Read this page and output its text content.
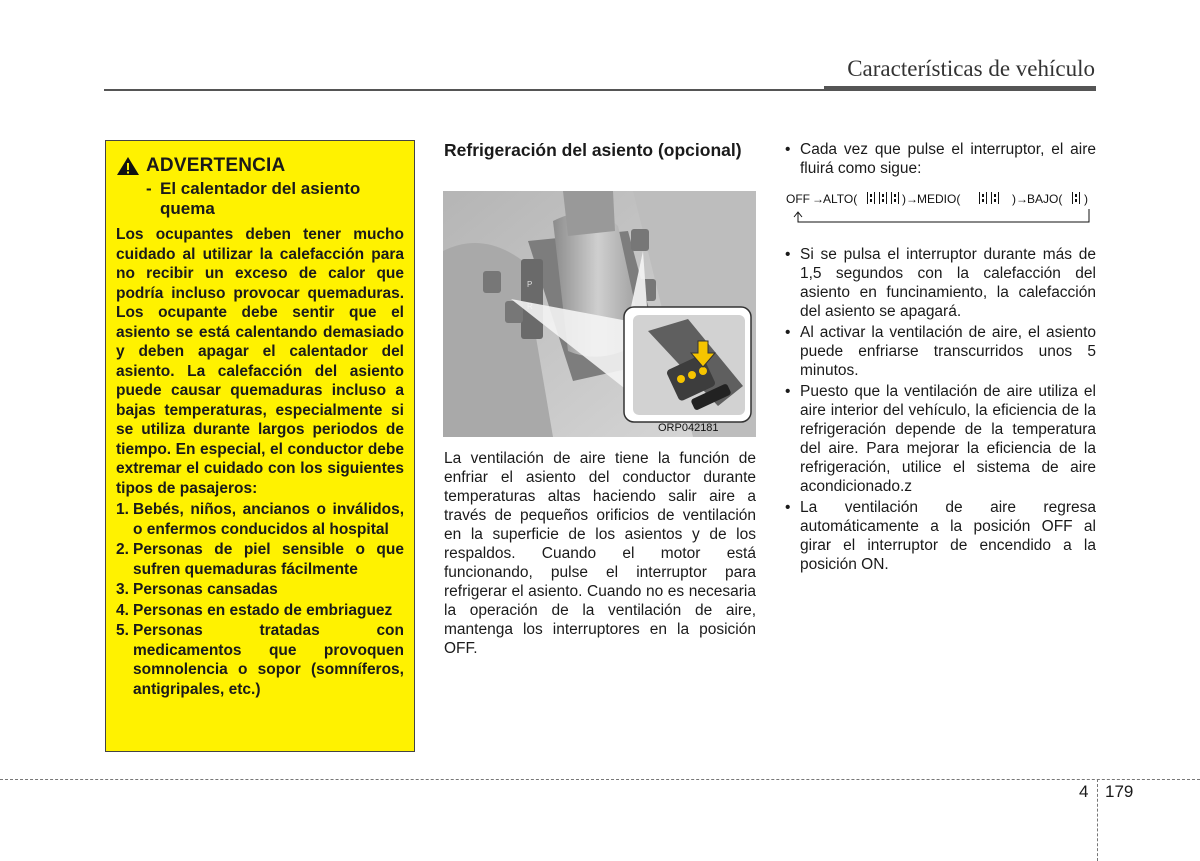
Características de vehículo
ADVERTENCIA
- El calentador del asiento quema
Los ocupantes deben tener mucho cuidado al utilizar la calefacción para no recibir un exceso de calor que podría incluso provocar quemaduras. Los ocupante debe sentir que el asiento se está calentando demasiado y deben apagar el calentador del asiento. La calefacción del asiento puede causar quemaduras incluso a bajas temperaturas, especialmente si se utiliza durante largos periodos de tiempo. En especial, el conductor debe extremar el cuidado con los siguientes tipos de pasajeros:
1. Bebés, niños, ancianos o inválidos, o enfermos conducidos al hospital
2. Personas de piel sensible o que sufren quemaduras fácilmente
3. Personas cansadas
4. Personas en estado de embriaguez
5. Personas tratadas con medicamentos que provoquen somnolencia o sopor (somníferos, antigripales, etc.)
Refrigeración del asiento (opcional)
P
ORP042181
La ventilación de aire tiene la función de enfriar el asiento del conductor durante temperaturas altas haciendo salir aire a través de pequeños orificios de ventilación en la superficie de los asientos y de los respaldos. Cuando el motor está funcionando, pulse el interruptor para refrigerar el asiento. Cuando no es necesaria la operación de la ventilación de aire, mantenga los interruptores en la posición OFF.
• Cada vez que pulse el interruptor, el aire fluirá como sigue:
OFF → ALTO(	) → MEDIO(	) → BAJO( )
• Si se pulsa el interruptor durante más de 1,5 segundos con la calefacción del asiento en funcinamiento, la calefacción del asiento se apagará.
• Al activar la ventilación de aire, el asiento puede enfriarse transcurridos unos 5 minutos.
• Puesto que la ventilación de aire utiliza el aire interior del vehículo, la eficiencia de la refrigeración depende de la temperatura del aire. Para mejorar la eficiencia de la refrigeración, utilice el sistema de aire acondicionado.z
• La ventilación de aire regresa automáticamente a la posición OFF al girar el interruptor de encendido a la posición ON.
4 179
